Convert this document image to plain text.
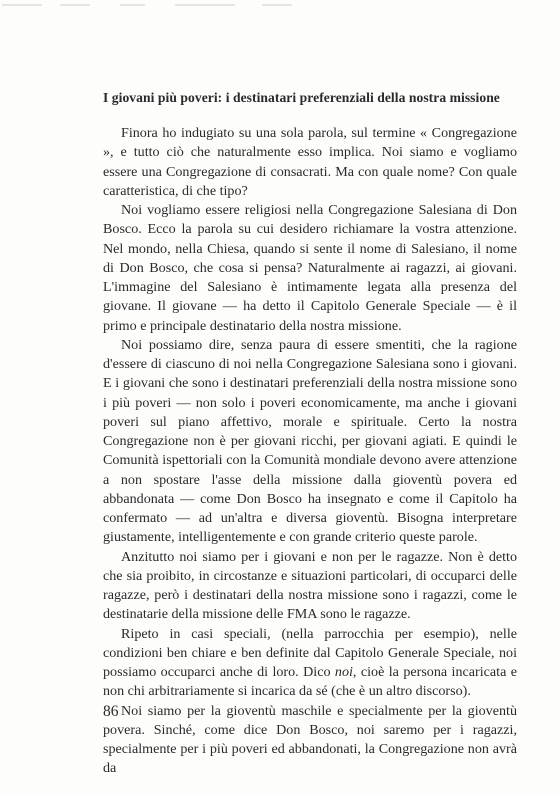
I giovani più poveri: i destinatari preferenziali della nostra missione

Finora ho indugiato su una sola parola, sul termine « Congregazione », e tutto ciò che naturalmente esso implica. Noi siamo e vogliamo essere una Congregazione di consacrati. Ma con quale nome? Con quale caratteristica, di che tipo?

Noi vogliamo essere religiosi nella Congregazione Salesiana di Don Bosco. Ecco la parola su cui desidero richiamare la vostra attenzione. Nel mondo, nella Chiesa, quando si sente il nome di Salesiano, il nome di Don Bosco, che cosa si pensa? Naturalmente ai ragazzi, ai giovani. L'immagine del Salesiano è intimamente legata alla presenza del giovane. Il giovane — ha detto il Capitolo Generale Speciale — è il primo e principale destinatario della nostra missione.

Noi possiamo dire, senza paura di essere smentiti, che la ragione d'essere di ciascuno di noi nella Congregazione Salesiana sono i giovani. E i giovani che sono i destinatari preferenziali della nostra missione sono i più poveri — non solo i poveri economicamente, ma anche i giovani poveri sul piano affettivo, morale e spirituale. Certo la nostra Congregazione non è per giovani ricchi, per giovani agiati. E quindi le Comunità ispettoriali con la Comunità mondiale devono avere attenzione a non spostare l'asse della missione dalla gioventù povera ed abbandonata — come Don Bosco ha insegnato e come il Capitolo ha confermato — ad un'altra e diversa gioventù. Bisogna interpretare giustamente, intelligentemente e con grande criterio queste parole.

Anzitutto noi siamo per i giovani e non per le ragazze. Non è detto che sia proibito, in circostanze e situazioni particolari, di occuparci delle ragazze, però i destinatari della nostra missione sono i ragazzi, come le destinatarie della missione delle FMA sono le ragazze.

Ripeto in casi speciali, (nella parrocchia per esempio), nelle condizioni ben chiare e ben definite dal Capitolo Generale Speciale, noi possiamo occuparci anche di loro. Dico noi, cioè la persona incaricata e non chi arbitrariamente si incarica da sé (che è un altro discorso).

Noi siamo per la gioventù maschile e specialmente per la gioventù povera. Sinché, come dice Don Bosco, noi saremo per i ragazzi, specialmente per i più poveri ed abbandonati, la Congregazione non avrà da

86
